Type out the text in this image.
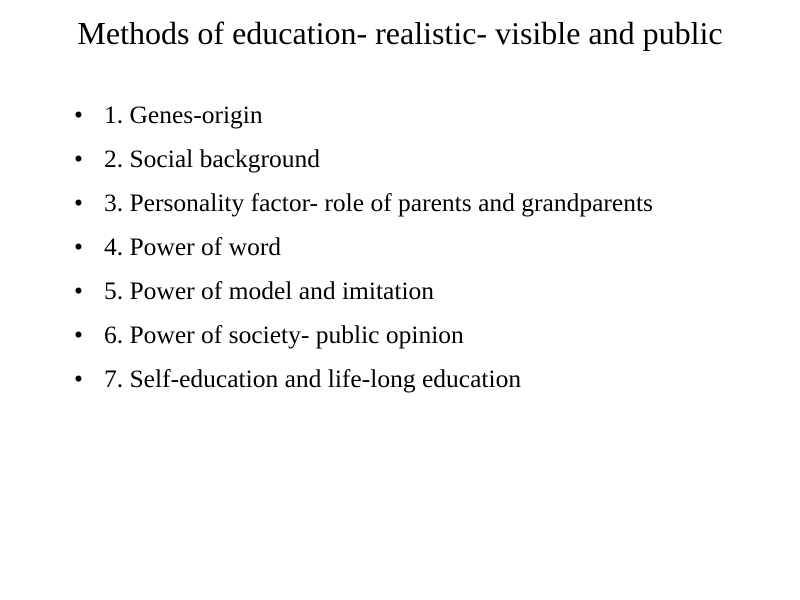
Methods of education- realistic- visible and public
• 1. Genes-origin
• 2. Social background
• 3. Personality factor- role of parents and grandparents
• 4. Power of word
• 5. Power of model and imitation
• 6. Power of society- public opinion
• 7. Self-education and life-long education
